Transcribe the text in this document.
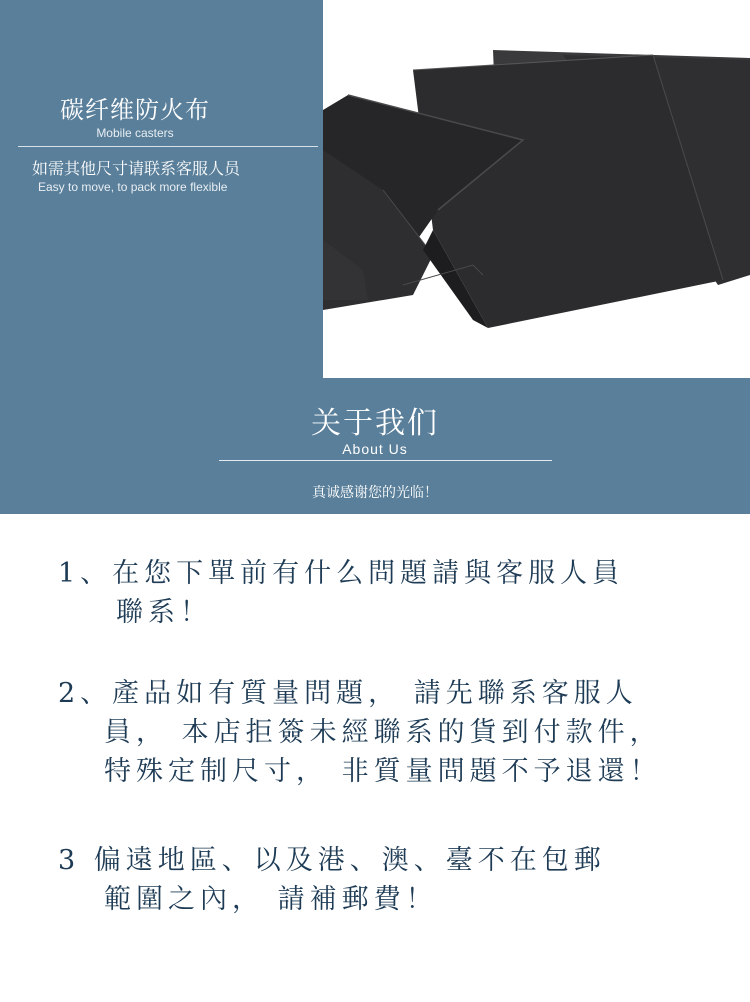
碳纤维防火布
Mobile casters
如需其他尺寸请联系客服人员
Easy to move, to pack more flexible
关于我们
About Us
真诚感谢您的光临！
1、在您下單前有什么問題請與客服人員
聯系！
2、產品如有質量問題， 請先聯系客服人
員， 本店拒簽未經聯系的貨到付款件，
特殊定制尺寸， 非質量問題不予退還！
3 偏遠地區、以及港、澳、臺不在包郵
範圍之內， 請補郵費！
